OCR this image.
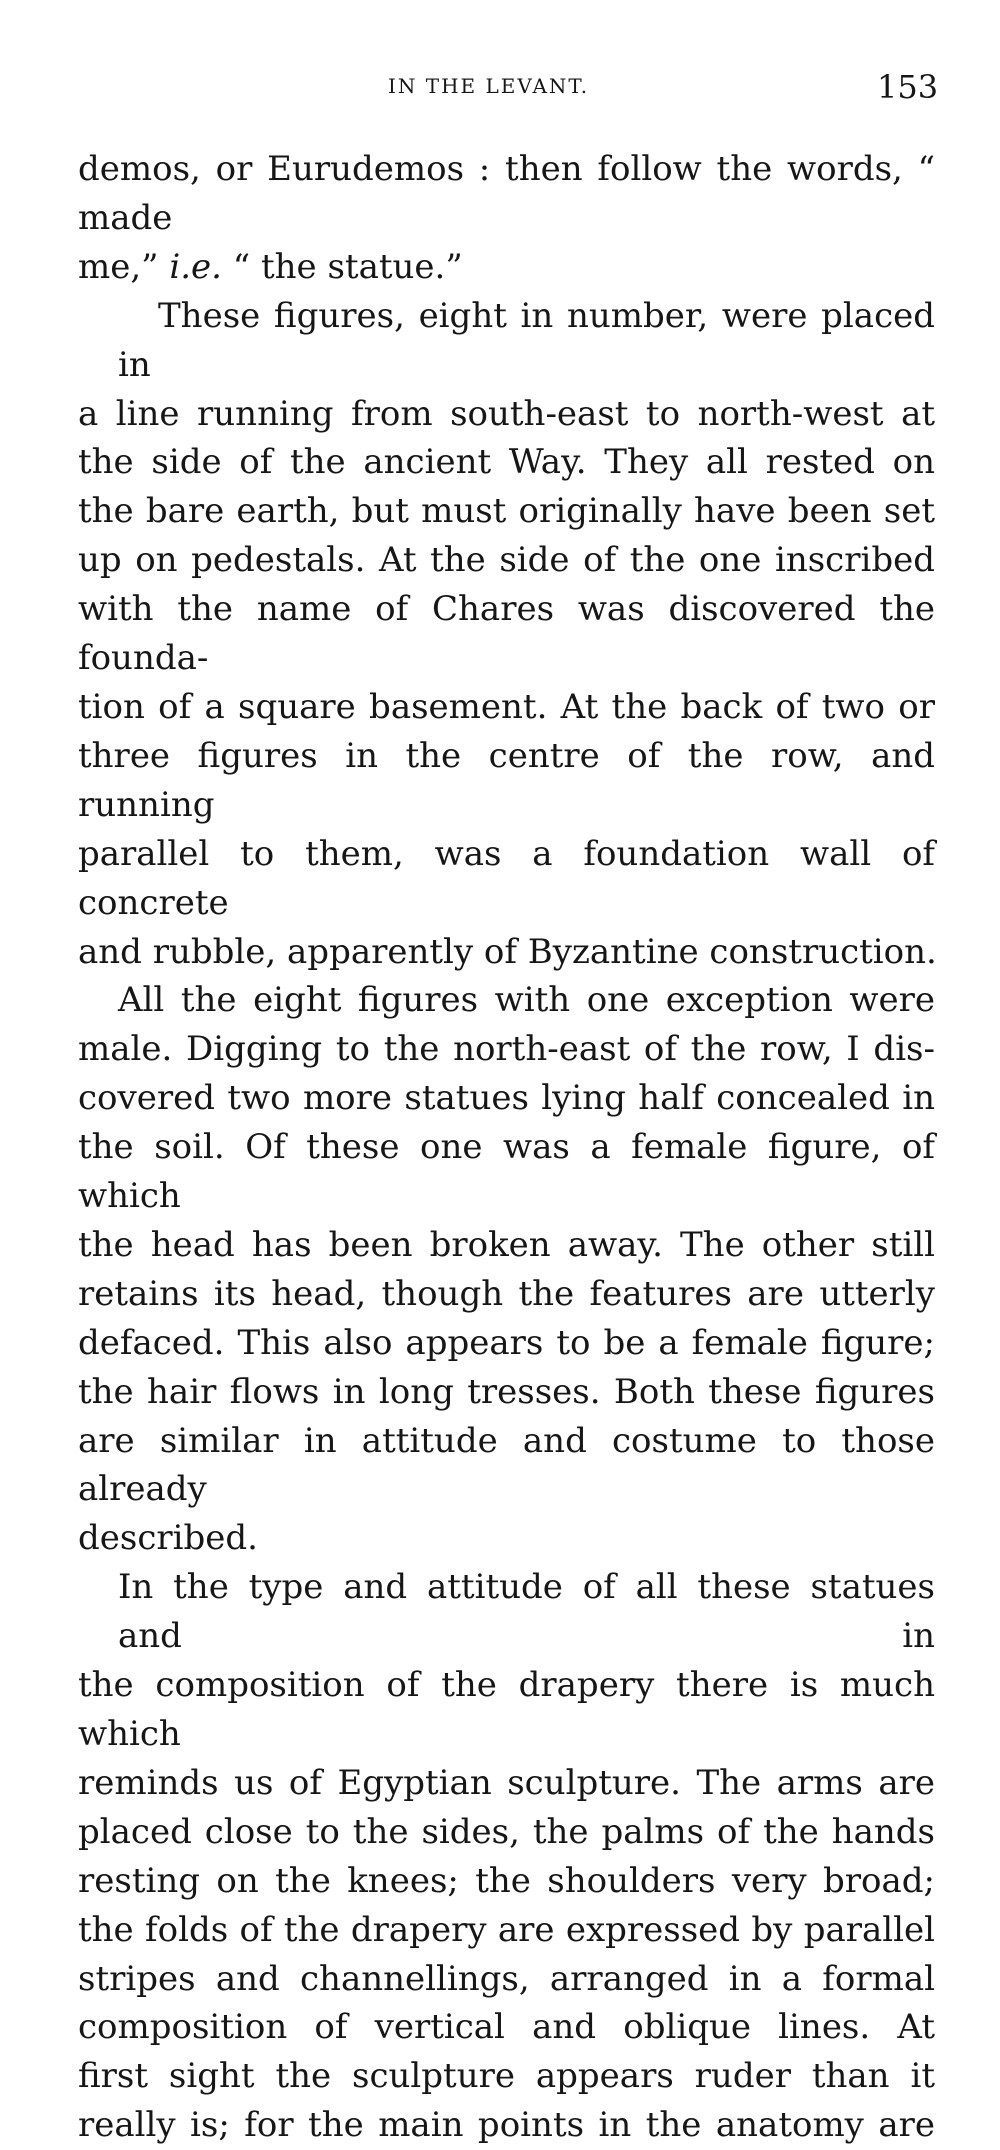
IN THE LEVANT.	153
demos, or Eurudemos : then follow the words, “ made
me,” i.e. “ the statue.”
These figures, eight in number, were placed in
a line running from south-east to north-west at
the side of the ancient Way. They all rested on
the bare earth, but must originally have been set
up on pedestals. At the side of the one inscribed
with the name of Chares was discovered the founda-
tion of a square basement. At the back of two or
three figures in the centre of the row, and running
parallel to them, was a foundation wall of concrete
and rubble, apparently of Byzantine construction.
All the eight figures with one exception were
male. Digging to the north-east of the row, I dis-
covered two more statues lying half concealed in
the soil. Of these one was a female figure, of which
the head has been broken away. The other still
retains its head, though the features are utterly
defaced. This also appears to be a female figure;
the hair flows in long tresses. Both these figures
are similar in attitude and costume to those already
described.
In the type and attitude of all these statues and in
the composition of the drapery there is much which
reminds us of Egyptian sculpture. The arms are
placed close to the sides, the palms of the hands
resting on the knees; the shoulders very broad;
the folds of the drapery are expressed by parallel
stripes and channellings, arranged in a formal
composition of vertical and oblique lines. At
first sight the sculpture appears ruder than it
really is; for the main points in the anatomy are
